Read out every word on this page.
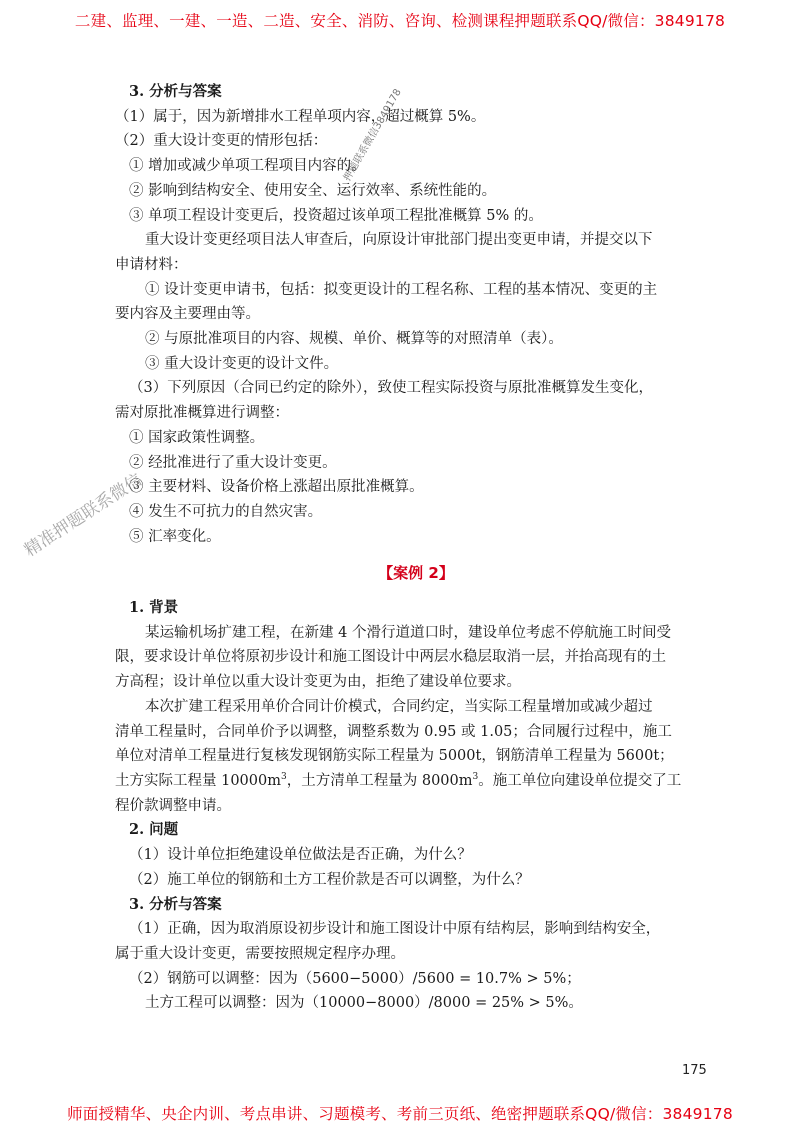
二建、监理、一建、一造、二造、安全、消防、咨询、检测课程押题联系QQ/微信：3849178
押题联系微信3849178
精准押题联系微信
3. 分析与答案
（1）属于，因为新增排水工程单项内容，超过概算 5%。
（2）重大设计变更的情形包括：
① 增加或减少单项工程项目内容的。
② 影响到结构安全、使用安全、运行效率、系统性能的。
③ 单项工程设计变更后，投资超过该单项工程批准概算 5% 的。
重大设计变更经项目法人审查后，向原设计审批部门提出变更申请，并提交以下
申请材料：
① 设计变更申请书，包括：拟变更设计的工程名称、工程的基本情况、变更的主
要内容及主要理由等。
② 与原批准项目的内容、规模、单价、概算等的对照清单（表）。
③ 重大设计变更的设计文件。
（3）下列原因（合同已约定的除外），致使工程实际投资与原批准概算发生变化，
需对原批准概算进行调整：
① 国家政策性调整。
② 经批准进行了重大设计变更。
③ 主要材料、设备价格上涨超出原批准概算。
④ 发生不可抗力的自然灾害。
⑤ 汇率变化。
【案例 2】
1. 背景
某运输机场扩建工程，在新建 4 个滑行道道口时，建设单位考虑不停航施工时间受
限，要求设计单位将原初步设计和施工图设计中两层水稳层取消一层，并抬高现有的土
方高程；设计单位以重大设计变更为由，拒绝了建设单位要求。
本次扩建工程采用单价合同计价模式，合同约定，当实际工程量增加或减少超过
清单工程量时，合同单价予以调整，调整系数为 0.95 或 1.05；合同履行过程中，施工
单位对清单工程量进行复核发现钢筋实际工程量为 5000t，钢筋清单工程量为 5600t；
土方实际工程量 $10000m^3$，土方清单工程量为 $8000m^3$。施工单位向建设单位提交了工
程价款调整申请。
2. 问题
（1）设计单位拒绝建设单位做法是否正确，为什么？
（2）施工单位的钢筋和土方工程价款是否可以调整，为什么？
3. 分析与答案
（1）正确，因为取消原设初步设计和施工图设计中原有结构层，影响到结构安全，
属于重大设计变更，需要按照规定程序办理。
（2）钢筋可以调整：因为（5600−5000）/5600 = 10.7% > 5%；
土方工程可以调整：因为（10000−8000）/8000 = 25% > 5%。
175
师面授精华、央企内训、考点串讲、习题模考、考前三页纸、绝密押题联系QQ/微信：3849178
